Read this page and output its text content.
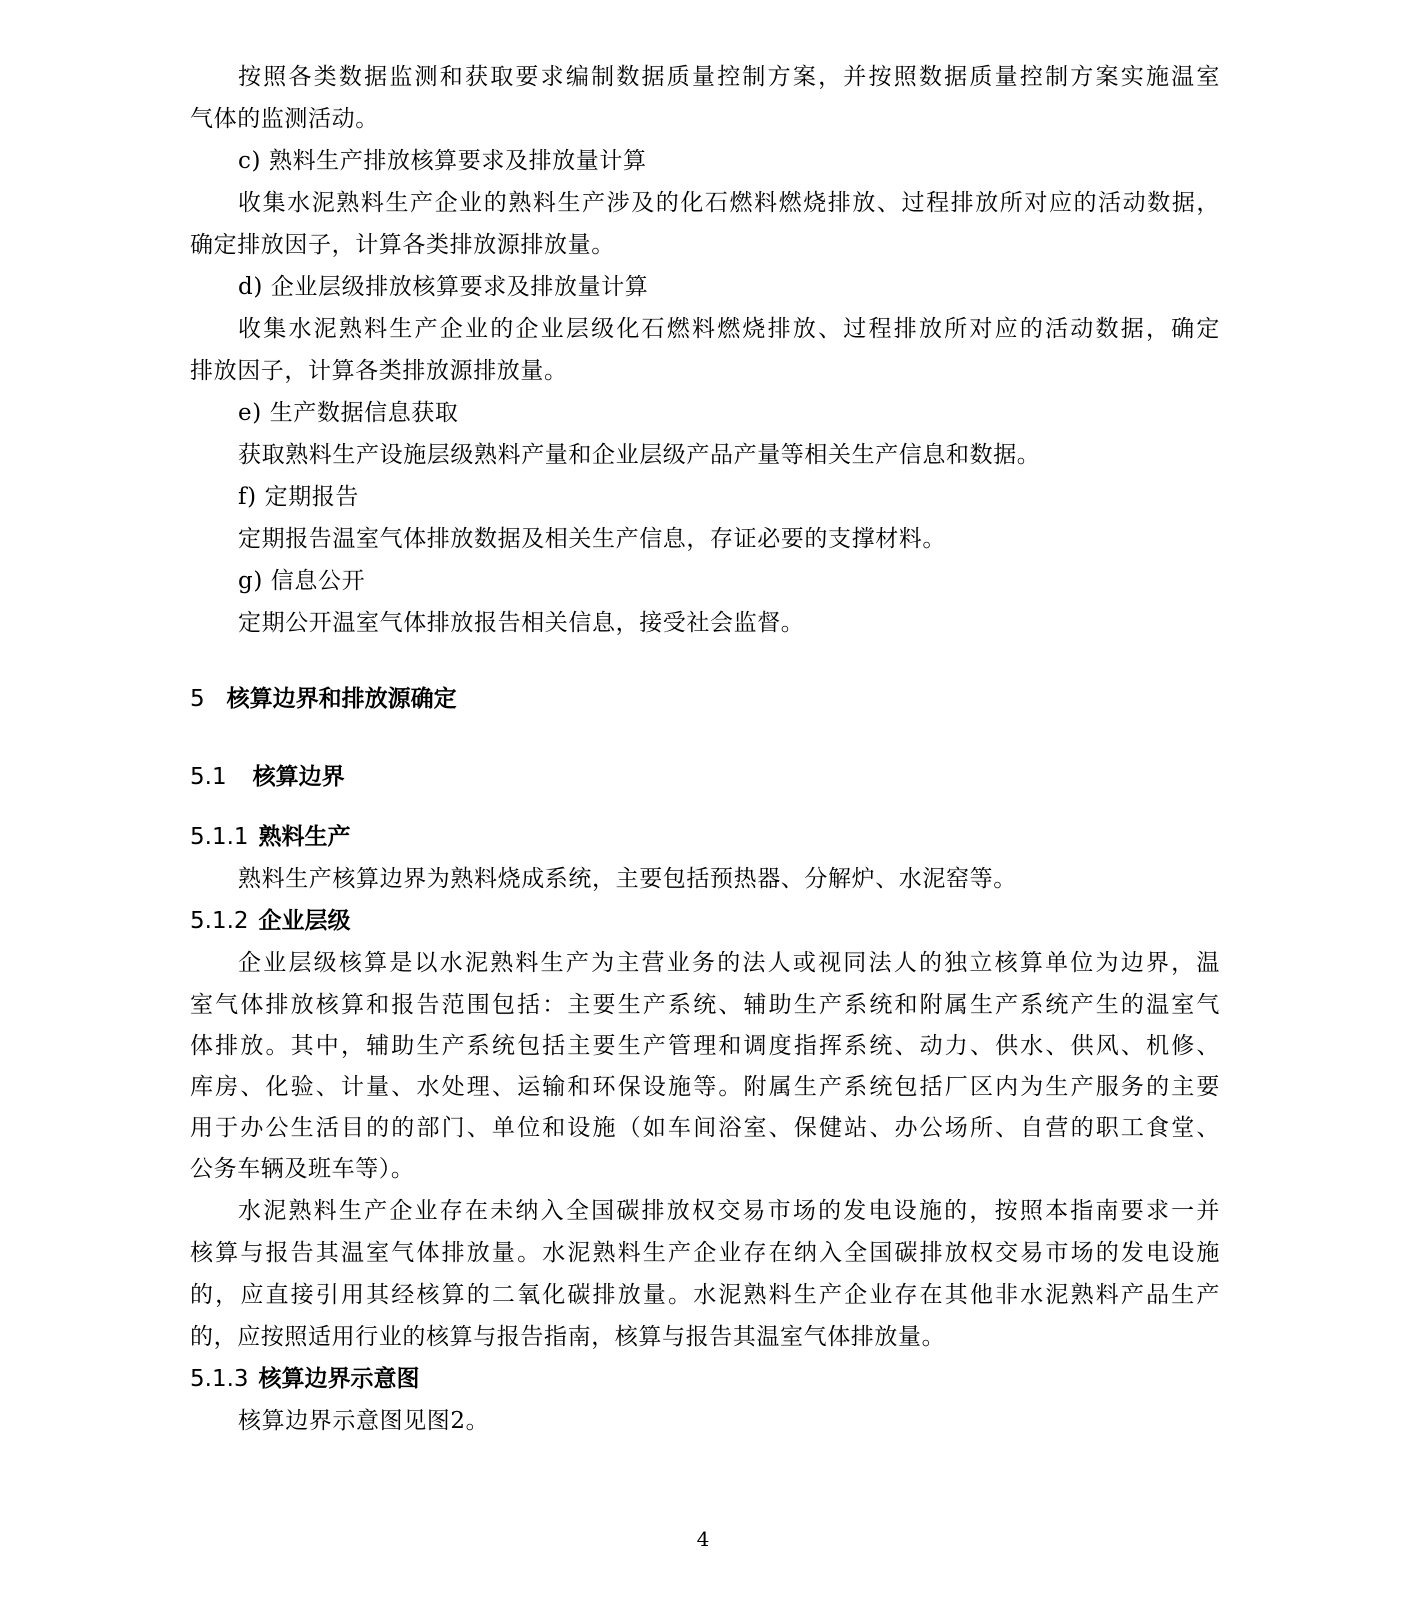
按照各类数据监测和获取要求编制数据质量控制方案，并按照数据质量控制方案实施温室
气体的监测活动。
c) 熟料生产排放核算要求及排放量计算
收集水泥熟料生产企业的熟料生产涉及的化石燃料燃烧排放、过程排放所对应的活动数据，
确定排放因子，计算各类排放源排放量。
d) 企业层级排放核算要求及排放量计算
收集水泥熟料生产企业的企业层级化石燃料燃烧排放、过程排放所对应的活动数据，确定
排放因子，计算各类排放源排放量。
e) 生产数据信息获取
获取熟料生产设施层级熟料产量和企业层级产品产量等相关生产信息和数据。
f) 定期报告
定期报告温室气体排放数据及相关生产信息，存证必要的支撑材料。
g) 信息公开
定期公开温室气体排放报告相关信息，接受社会监督。
5 核算边界和排放源确定
5.1 核算边界
5.1.1 熟料生产
熟料生产核算边界为熟料烧成系统，主要包括预热器、分解炉、水泥窑等。
5.1.2 企业层级
企业层级核算是以水泥熟料生产为主营业务的法人或视同法人的独立核算单位为边界，温
室气体排放核算和报告范围包括：主要生产系统、辅助生产系统和附属生产系统产生的温室气
体排放。其中，辅助生产系统包括主要生产管理和调度指挥系统、动力、供水、供风、机修、
库房、化验、计量、水处理、运输和环保设施等。附属生产系统包括厂区内为生产服务的主要
用于办公生活目的的部门、单位和设施（如车间浴室、保健站、办公场所、自营的职工食堂、
公务车辆及班车等）。
水泥熟料生产企业存在未纳入全国碳排放权交易市场的发电设施的，按照本指南要求一并
核算与报告其温室气体排放量。水泥熟料生产企业存在纳入全国碳排放权交易市场的发电设施
的，应直接引用其经核算的二氧化碳排放量。水泥熟料生产企业存在其他非水泥熟料产品生产
的，应按照适用行业的核算与报告指南，核算与报告其温室气体排放量。
5.1.3 核算边界示意图
核算边界示意图见图2。
4
